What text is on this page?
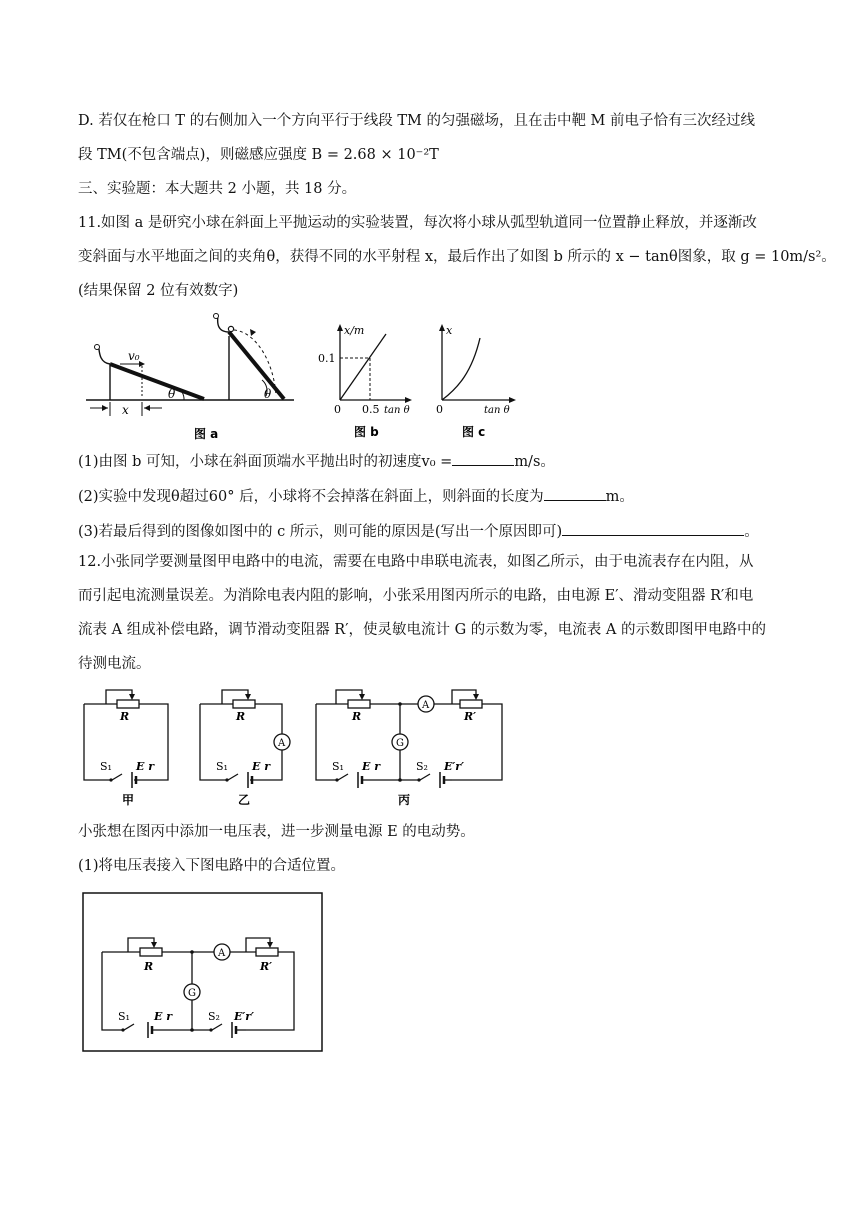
D. 若仅在枪口 T 的右侧加入一个方向平行于线段 TM 的匀强磁场，且在击中靶 M 前电子恰有三次经过线
段 TM(不包含端点)，则磁感应强度 B = 2.68 × 10⁻²T
三、实验题：本大题共 2 小题，共 18 分。
11.如图 a 是研究小球在斜面上平抛运动的实验装置，每次将小球从弧型轨道同一位置静止释放，并逐渐改
变斜面与水平地面之间的夹角θ，获得不同的水平射程 x，最后作出了如图 b 所示的 x − tanθ图象，取 g = 10m/s²。
(结果保留 2 位有效数字)
v₀
x
θ	θ
图 a
x/m
0.1
0 0.5 tan θ
图 b
x
0	tan θ
图 c
(1)由图 b 可知，小球在斜面顶端水平抛出时的初速度v₀ =	m/s。
(2)实验中发现θ超过60° 后，小球将不会掉落在斜面上，则斜面的长度为	m。
(3)若最后得到的图像如图中的 c 所示，则可能的原因是(写出一个原因即可)	。
12.小张同学要测量图甲电路中的电流，需要在电路中串联电流表，如图乙所示，由于电流表存在内阻，从
而引起电流测量误差。为消除电表内阻的影响，小张采用图丙所示的电路，由电源 E′、滑动变阻器 R′和电
流表 A 组成补偿电路，调节滑动变阻器 R′，使灵敏电流计 G 的示数为零，电流表 A 的示数即图甲电路中的
待测电流。
R
S₁ E r
甲
A
R
S₁ E r
乙
A
G
R	R′
S₁ E r	S₂ E′r′
丙
小张想在图丙中添加一电压表，进一步测量电源 E 的电动势。
(1)将电压表接入下图电路中的合适位置。
A
G
R	R′
S₁ E r	S₂ E′r′
